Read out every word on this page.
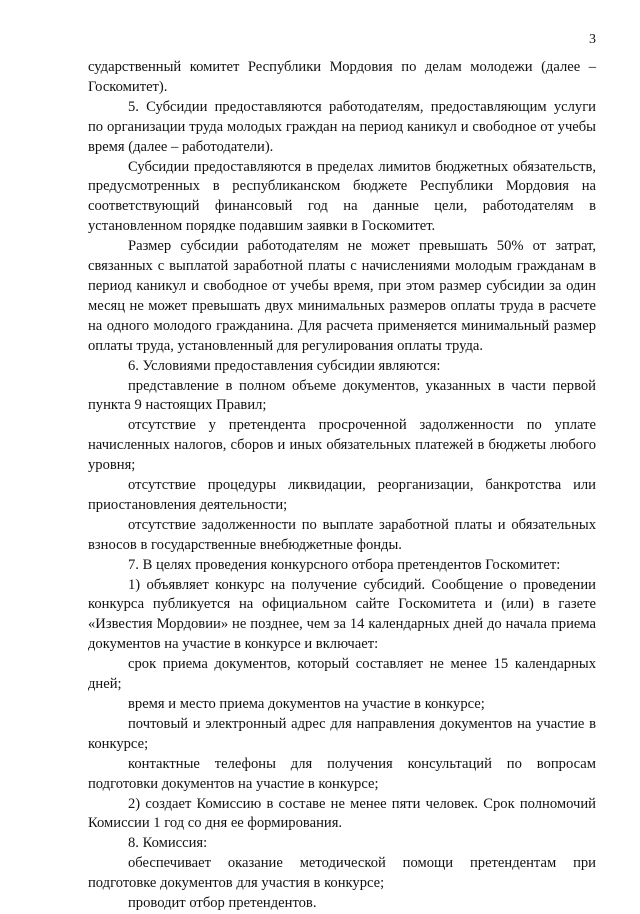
3

сударственный комитет Республики Мордовия по делам молодежи (далее – Госкомитет).

5. Субсидии предоставляются работодателям, предоставляющим услуги по организации труда молодых граждан на период каникул и свободное от учебы время (далее – работодатели).

Субсидии предоставляются в пределах лимитов бюджетных обязательств, предусмотренных в республиканском бюджете Республики Мордовия на соответствующий финансовый год на данные цели, работодателям в установленном порядке подавшим заявки в Госкомитет.

Размер субсидии работодателям не может превышать 50% от затрат, связанных с выплатой заработной платы с начислениями молодым гражданам в период каникул и свободное от учебы время, при этом размер субсидии за один месяц не может превышать двух минимальных размеров оплаты труда в расчете на одного молодого гражданина. Для расчета применяется минимальный размер оплаты труда, установленный для регулирования оплаты труда.

6. Условиями предоставления субсидии являются:

представление в полном объеме документов, указанных в части первой пункта 9 настоящих Правил;

отсутствие у претендента просроченной задолженности по уплате начисленных налогов, сборов и иных обязательных платежей в бюджеты любого уровня;

отсутствие процедуры ликвидации, реорганизации, банкротства или приостановления деятельности;

отсутствие задолженности по выплате заработной платы и обязательных взносов в государственные внебюджетные фонды.

7. В целях проведения конкурсного отбора претендентов Госкомитет:

1) объявляет конкурс на получение субсидий. Сообщение о проведении конкурса публикуется на официальном сайте Госкомитета и (или) в газете «Известия Мордовии» не позднее, чем за 14 календарных дней до начала приема документов на участие в конкурсе и включает:

срок приема документов, который составляет не менее 15 календарных дней;

время и место приема документов на участие в конкурсе;

почтовый и электронный адрес для направления документов на участие в конкурсе;

контактные телефоны для получения консультаций по вопросам подготовки документов на участие в конкурсе;

2) создает Комиссию в составе не менее пяти человек. Срок полномочий Комиссии 1 год со дня ее формирования.

8. Комиссия:

обеспечивает оказание методической помощи претендентам при подготовке документов для участия в конкурсе;

проводит отбор претендентов.
